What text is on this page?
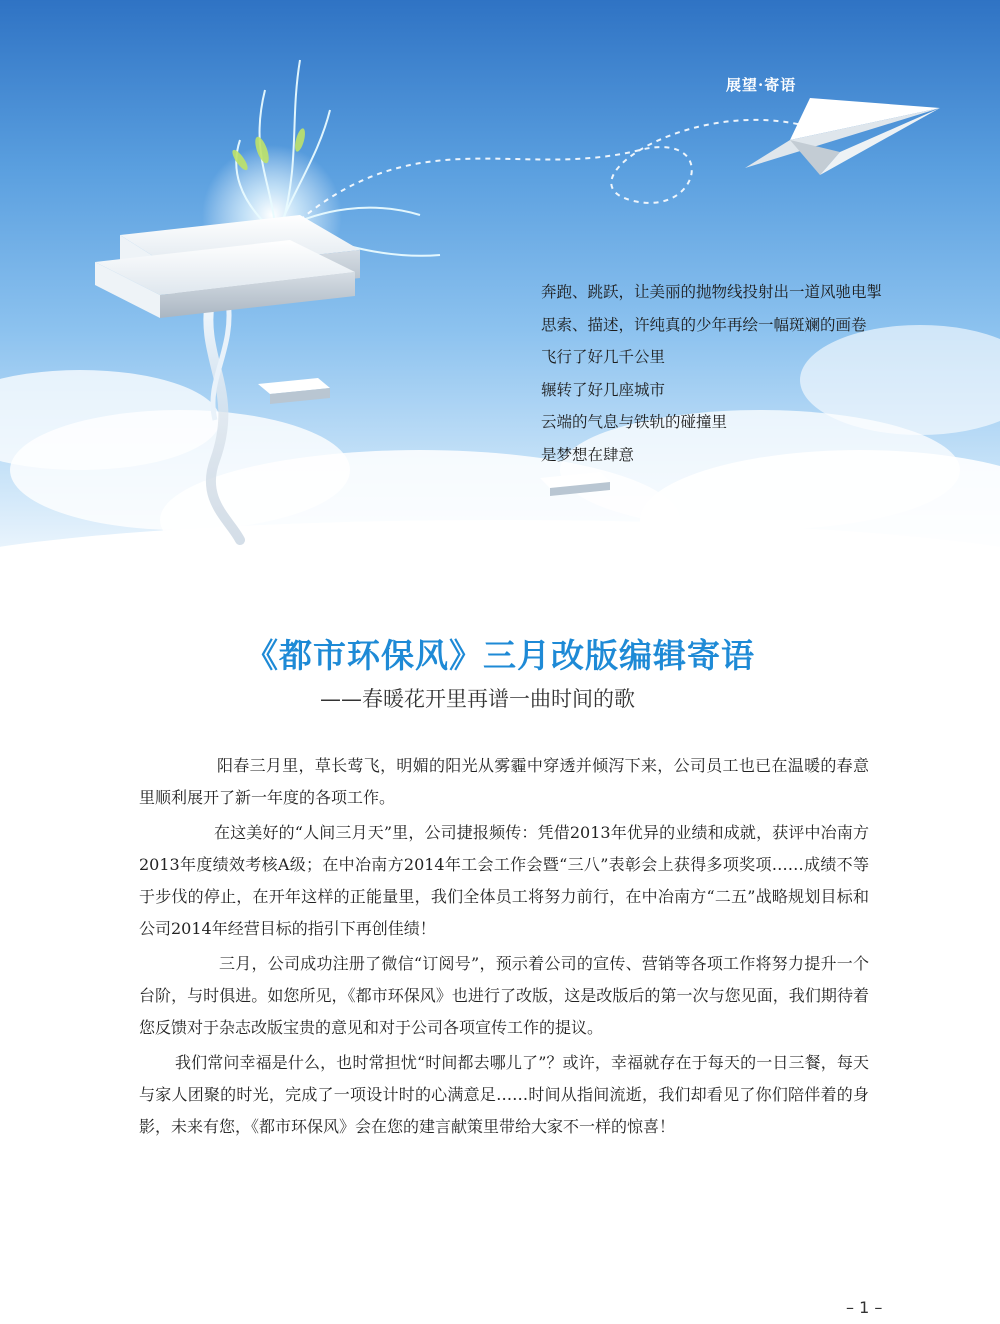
展望·寄语
奔跑、跳跃，让美丽的抛物线投射出一道风驰电掣
思索、描述，许纯真的少年再绘一幅斑斓的画卷
飞行了好几千公里
辗转了好几座城市
云端的气息与铁轨的碰撞里
是梦想在肆意
《都市环保风》三月改版编辑寄语
——春暖花开里再谱一曲时间的歌

阳春三月里，草长莺飞，明媚的阳光从雾霾中穿透并倾泻下来，公司员工也已在温暖的春意里顺利展开了新一年度的各项工作。

在这美好的“人间三月天”里，公司捷报频传：凭借2013年优异的业绩和成就，获评中冶南方2013年度绩效考核A级；在中冶南方2014年工会工作会暨“三八”表彰会上获得多项奖项……成绩不等于步伐的停止，在开年这样的正能量里，我们全体员工将努力前行，在中冶南方“二五”战略规划目标和公司2014年经营目标的指引下再创佳绩！

三月，公司成功注册了微信“订阅号”，预示着公司的宣传、营销等各项工作将努力提升一个台阶，与时俱进。如您所见，《都市环保风》也进行了改版，这是改版后的第一次与您见面，我们期待着您反馈对于杂志改版宝贵的意见和对于公司各项宣传工作的提议。

我们常问幸福是什么，也时常担忧“时间都去哪儿了”？或许，幸福就存在于每天的一日三餐，每天与家人团聚的时光，完成了一项设计时的心满意足……时间从指间流逝，我们却看见了你们陪伴着的身影，未来有您，《都市环保风》会在您的建言献策里带给大家不一样的惊喜！

– 1 –
